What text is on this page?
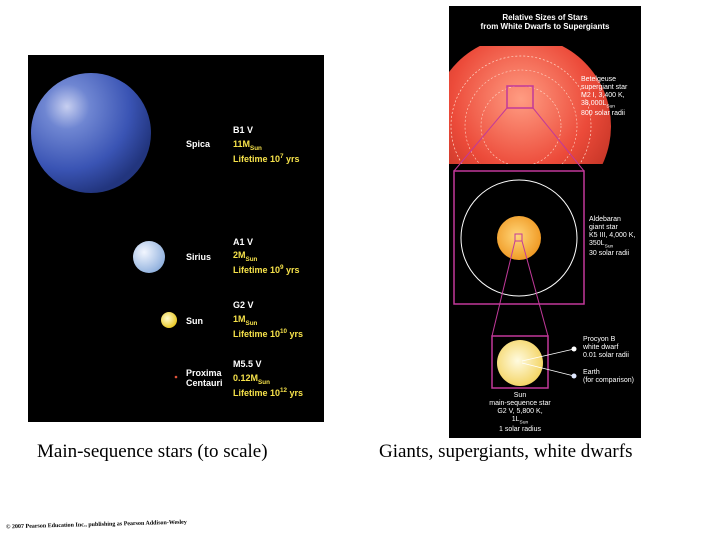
Spica
B1 V
$11M_{Sun}$
Lifetime $10^7$ yrs
Sirius
A1 V
$2M_{Sun}$
Lifetime $10^9$ yrs
Sun
G2 V
$1M_{Sun}$
Lifetime $10^{10}$ yrs
Proxima Centauri
M5.5 V
$0.12M_{Sun}$
Lifetime $10^{12}$ yrs
Relative Sizes of Stars
from White Dwarfs to Supergiants
Betelgeuse
supergiant star
M2 I, 3,400 K,
$38,000L_{Sun}$
800 solar radii
Aldebaran
giant star
K5 III, 4,000 K,
$350L_{Sun}$
30 solar radii
Procyon B
white dwarf
0.01 solar radii
Earth
(for comparison)
Sun
main-sequence star
G2 V, 5,800 K,
$1L_{Sun}$
1 solar radius
Main-sequence stars (to scale)	Giants, supergiants, white dwarfs
© 2007 Pearson Education Inc., publishing as Pearson Addison-Wesley
